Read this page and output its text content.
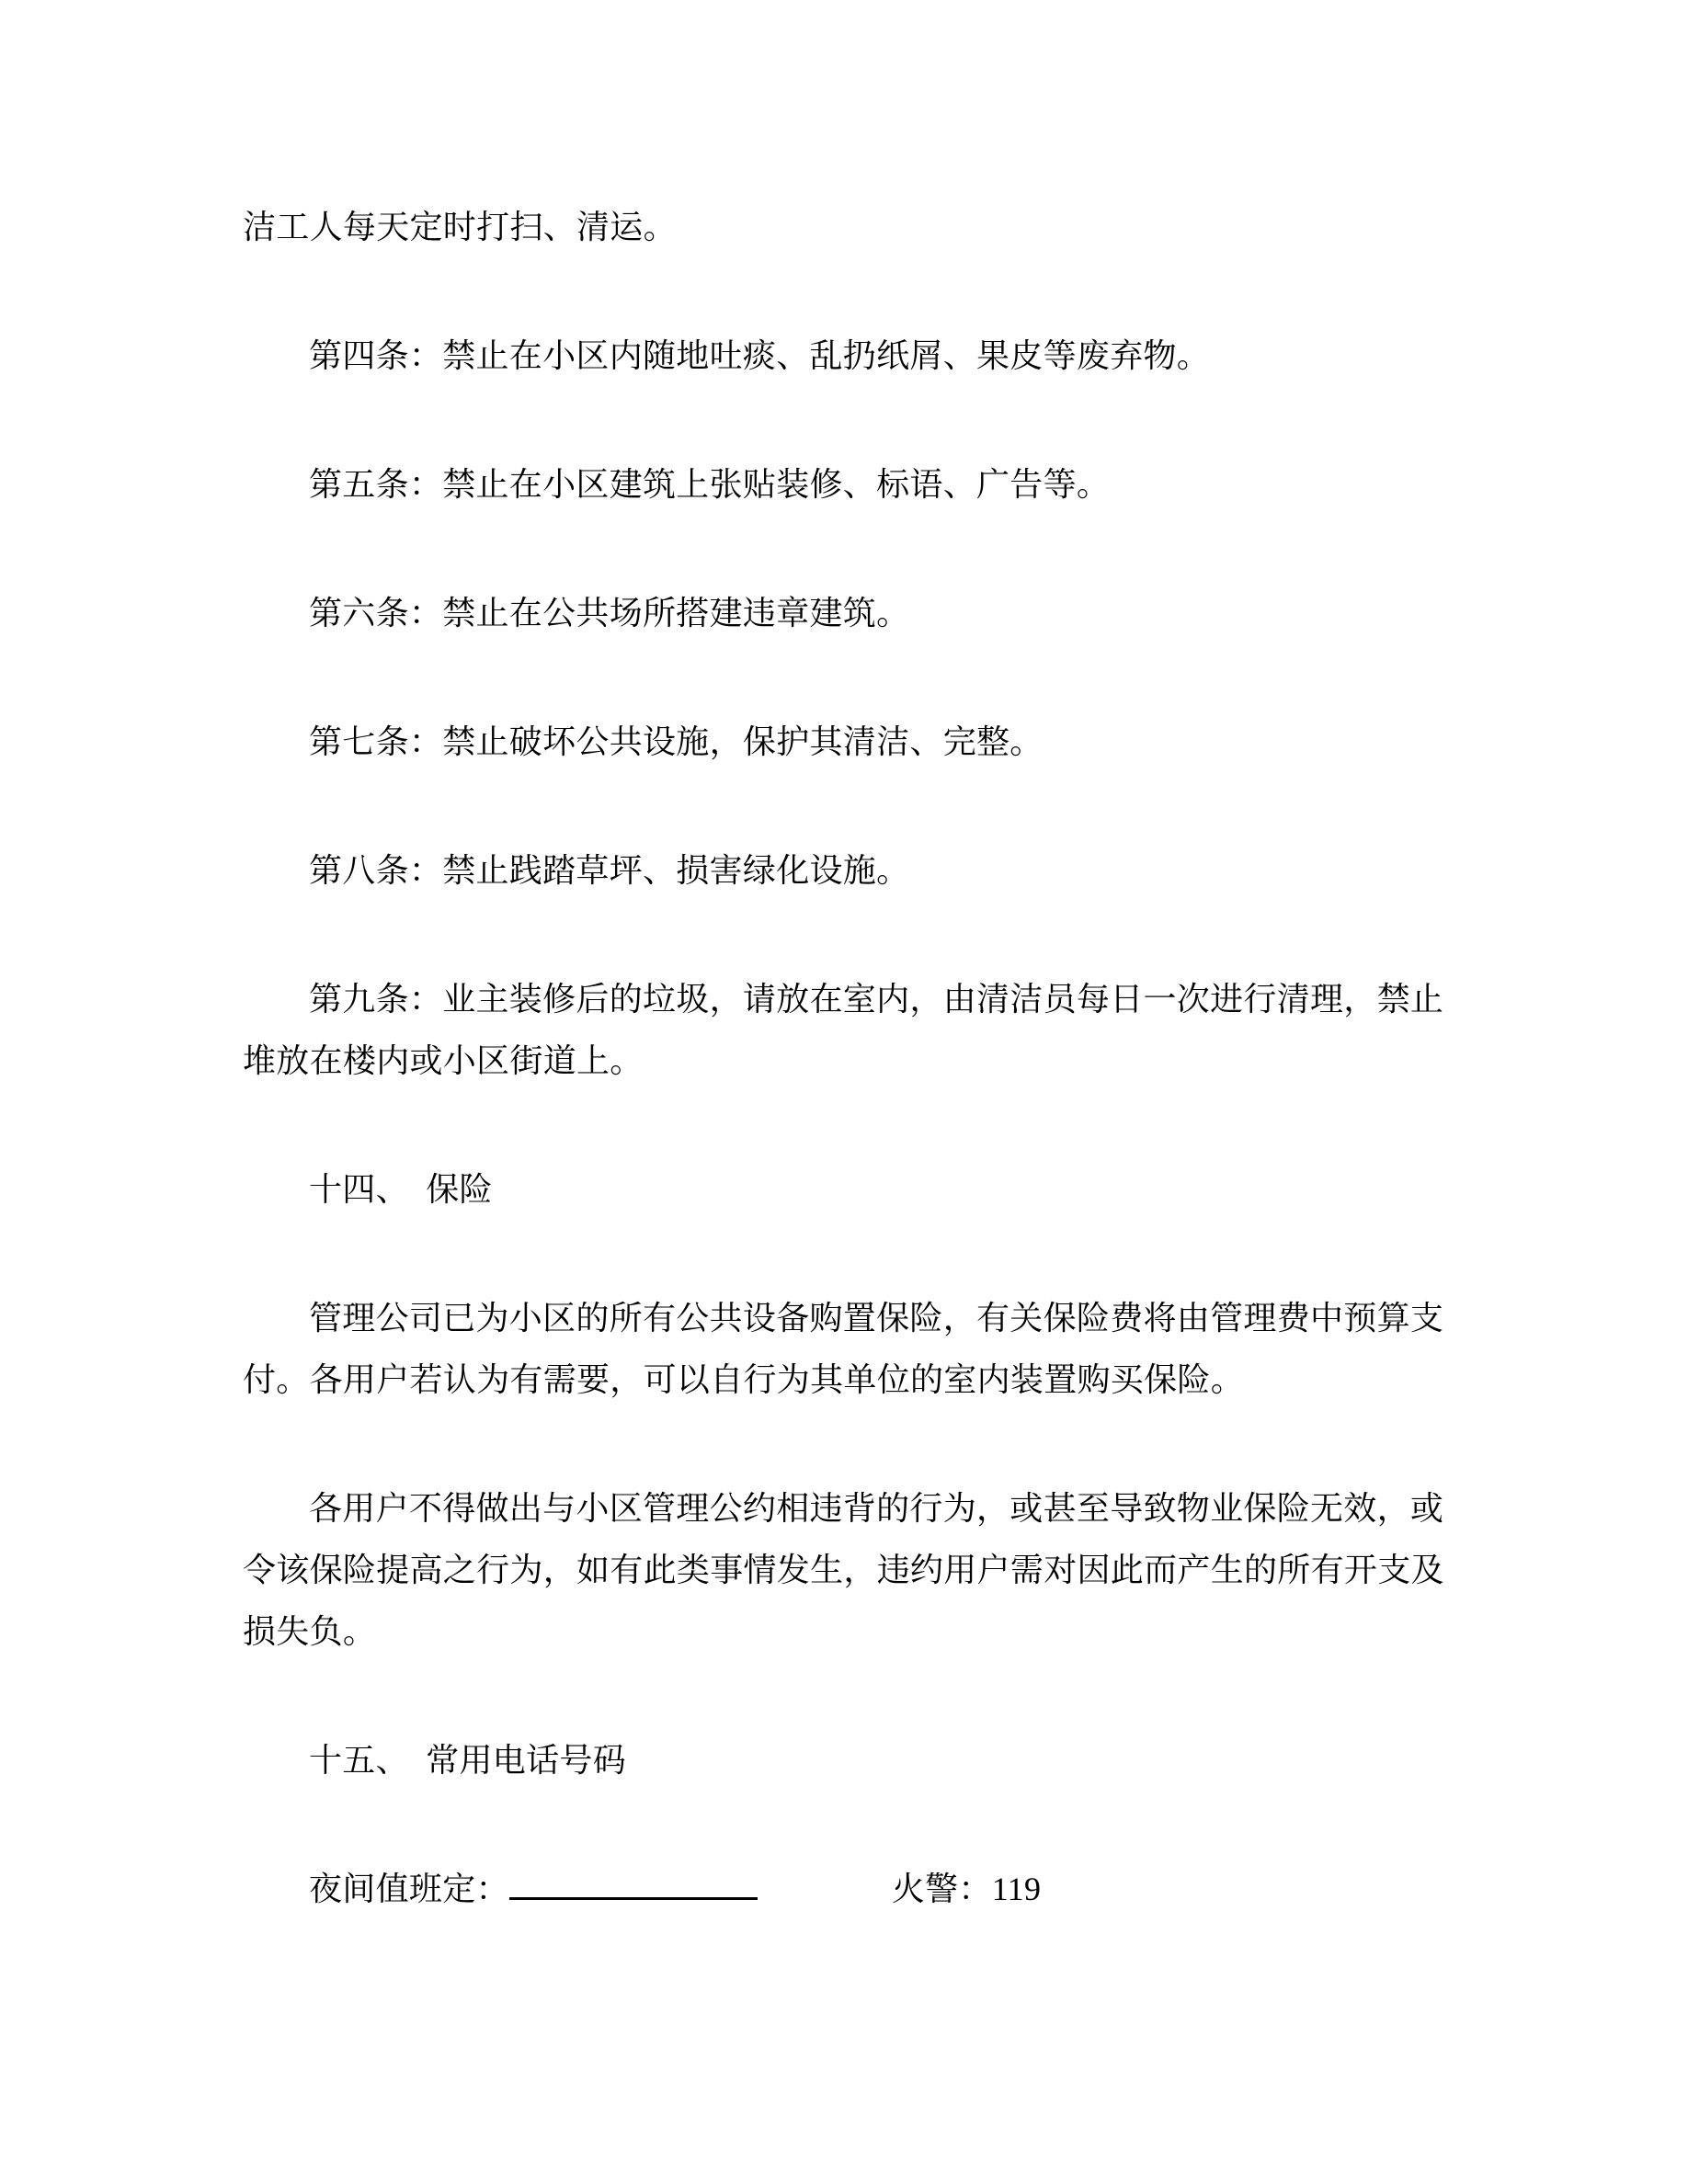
洁工人每天定时打扫、清运。
第四条：禁止在小区内随地吐痰、乱扔纸屑、果皮等废弃物。
第五条：禁止在小区建筑上张贴装修、标语、广告等。
第六条：禁止在公共场所搭建违章建筑。
第七条：禁止破坏公共设施，保护其清洁、完整。
第八条：禁止践踏草坪、损害绿化设施。
第九条：业主装修后的垃圾，请放在室内，由清洁员每日一次进行清理，禁止
堆放在楼内或小区街道上。
十四、　保险
管理公司已为小区的所有公共设备购置保险，有关保险费将由管理费中预算支
付。各用户若认为有需要，可以自行为其单位的室内装置购买保险。
各用户不得做出与小区管理公约相违背的行为，或甚至导致物业保险无效，或
令该保险提高之行为，如有此类事情发生，违约用户需对因此而产生的所有开支及
损失负。
十五、　常用电话号码
夜间值班定：	火警：119
